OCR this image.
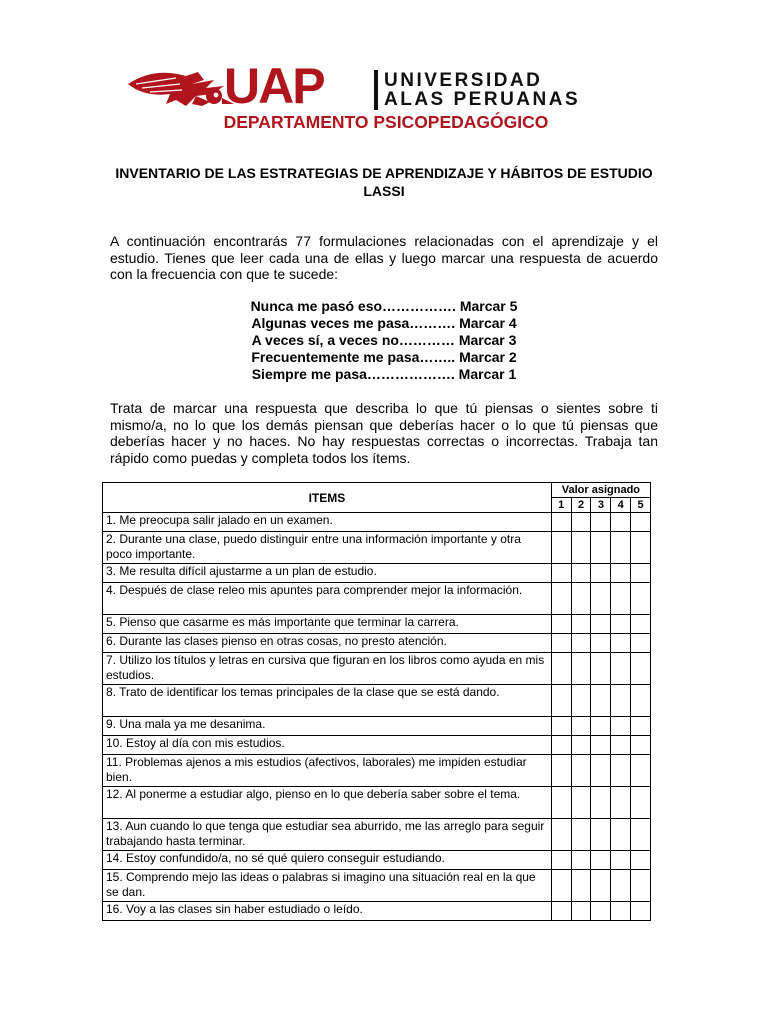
UAP	UNIVERSIDAD
ALAS PERUANAS
DEPARTAMENTO PSICOPEDAGÓGICO
INVENTARIO DE LAS ESTRATEGIAS DE APRENDIZAJE Y HÁBITOS DE ESTUDIO LASSI
A continuación encontrarás 77 formulaciones relacionadas con el aprendizaje y el estudio. Tienes que leer cada una de ellas y luego marcar una respuesta de acuerdo con la frecuencia con que te sucede:
Nunca me pasó eso……………. Marcar 5
Algunas veces me pasa………. Marcar 4
A veces sí, a veces no………… Marcar 3
Frecuentemente me pasa…….. Marcar 2
Siempre me pasa………………. Marcar 1
Trata de marcar una respuesta que describa lo que tú piensas o sientes sobre ti mismo/a, no lo que los demás piensan que deberías hacer o lo que tú piensas que deberías hacer y no haces. No hay respuestas correctas o incorrectas. Trabaja tan rápido como puedas y completa todos los ítems.
ITEMS	Valor asignado				
	1	2	3	4	5
1. Me preocupa salir jalado en un examen.					
2. Durante una clase, puedo distinguir entre una información importante y otra poco importante.					
3. Me resulta difícil ajustarme a un plan de estudio.					
4. Después de clase releo mis apuntes para comprender mejor la información.					
5. Pienso que casarme es más importante que terminar la carrera.					
6. Durante las clases pienso en otras cosas, no presto atención.					
7. Utilizo los títulos y letras en cursiva que figuran en los libros como ayuda en mis estudios.					
8. Trato de identificar los temas principales de la clase que se está dando.					
9. Una mala ya me desanima.					
10. Estoy al día con mis estudios.					
11. Problemas ajenos a mis estudios (afectivos, laborales) me impiden estudiar bien.					
12. Al ponerme a estudiar algo, pienso en lo que debería saber sobre el tema.					
13. Aun cuando lo que tenga que estudiar sea aburrido, me las arreglo para seguir trabajando hasta terminar.					
14. Estoy confundido/a, no sé qué quiero conseguir estudiando.					
15. Comprendo mejo las ideas o palabras si imagino una situación real en la que se dan.					
16. Voy a las clases sin haber estudiado o leído.					
